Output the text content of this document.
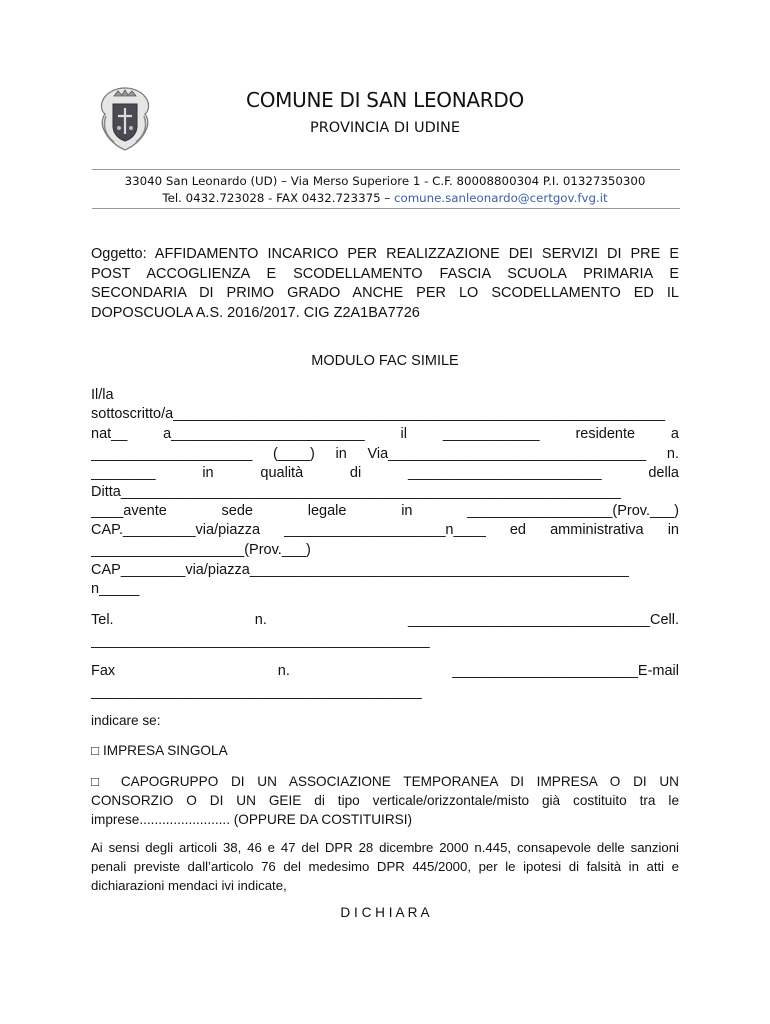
COMUNE DI SAN LEONARDO
PROVINCIA DI UDINE
33040 San Leonardo (UD) – Via Merso Superiore 1 - C.F. 80008800304 P.I. 01327350300
Tel. 0432.723028 - FAX 0432.723375 – comune.sanleonardo@certgov.fvg.it

Oggetto: AFFIDAMENTO INCARICO PER REALIZZAZIONE DEI SERVIZI DI PRE E

POST ACCOGLIENZA E SCODELLAMENTO FASCIA SCUOLA PRIMARIA E

SECONDARIA DI PRIMO GRADO ANCHE PER LO SCODELLAMENTO ED IL

DOPOSCUOLA A.S. 2016/2017. CIG Z2A1BA7726

MODULO FAC SIMILE
Il/la
sottoscritto/a_____________________________________________________________
nat__ a________________________ il ____________ residente a
____________________ (____) in Via________________________________ n.
________ in qualità di ________________________ della
Ditta______________________________________________________________
____avente sede legale in __________________(Prov.___)
CAP._________via/piazza ____________________n____ ed amministrativa in
___________________(Prov.___)
CAP________via/piazza_______________________________________________
n_____
Tel. n. ______________________________Cell.
__________________________________________
Fax n. _______________________E-mail
_________________________________________
indicare se:
□ IMPRESA SINGOLA
□ CAPOGRUPPO DI UN ASSOCIAZIONE TEMPORANEA DI IMPRESA O DI UN
CONSORZIO O DI UN GEIE di tipo verticale/orizzontale/misto già costituito tra le
imprese........................ (OPPURE DA COSTITUIRSI)
Ai sensi degli articoli 38, 46 e 47 del DPR 28 dicembre 2000 n.445, consapevole delle sanzioni
penali previste dall’articolo 76 del medesimo DPR 445/2000, per le ipotesi di falsità in atti e
dichiarazioni mendaci ivi indicate,
D I C H I A R A
